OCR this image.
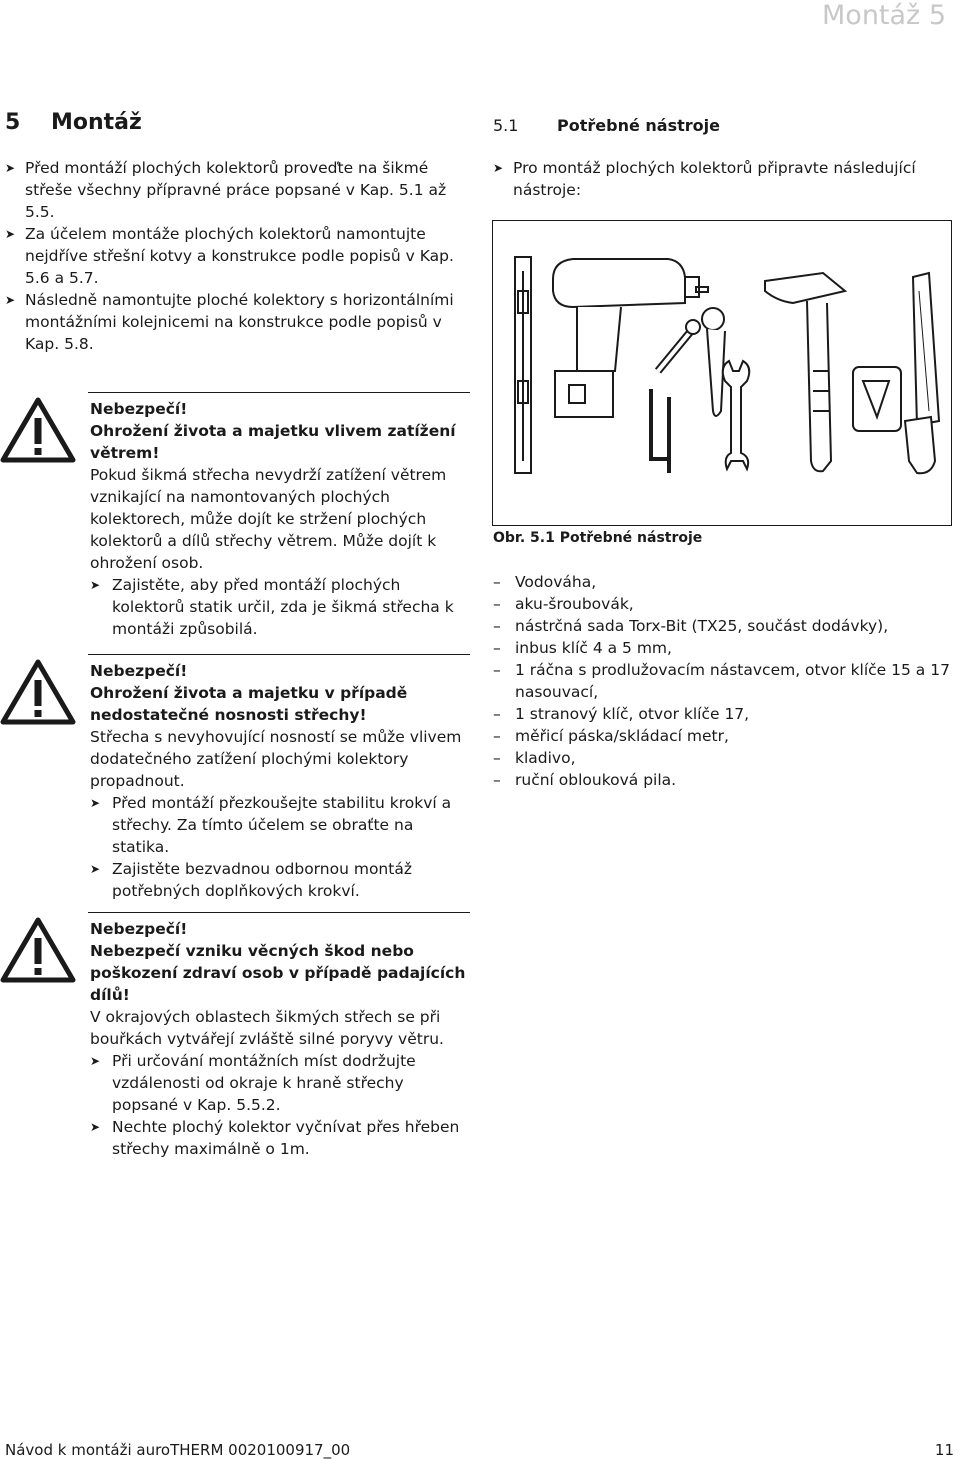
Montáž 5
5 Montáž
➤ Před montáží plochých kolektorů proveďte na šikmé střeše všechny přípravné práce popsané v Kap. 5.1 až 5.5.
➤ Za účelem montáže plochých kolektorů namontujte nejdříve střešní kotvy a konstrukce podle popisů v Kap. 5.6 a 5.7.
➤ Následně namontujte ploché kolektory s horizontálními montážními kolejnicemi na konstrukce podle popisů v Kap. 5.8.
Nebezpečí!
Ohrožení života a majetku vlivem zatížení větrem!
Pokud šikmá střecha nevydrží zatížení větrem vznikající na namontovaných plochých kolektorech, může dojít ke stržení plochých kolektorů a dílů střechy větrem. Může dojít k ohrožení osob.
➤ Zajistěte, aby před montáží plochých kolektorů statik určil, zda je šikmá střecha k montáži způsobilá.
Nebezpečí!
Ohrožení života a majetku v případě nedostatečné nosnosti střechy!
Střecha s nevyhovující nosností se může vlivem dodatečného zatížení plochými kolektory propadnout.
➤ Před montáží přezkoušejte stabilitu krokví a střechy. Za tímto účelem se obraťte na statika.
➤ Zajistěte bezvadnou odbornou montáž potřebných doplňkových krokví.
Nebezpečí!
Nebezpečí vzniku věcných škod nebo poškození zdraví osob v případě padajících dílů!
V okrajových oblastech šikmých střech se při bouřkách vytvářejí zvláště silné poryvy větru.
➤ Při určování montážních míst dodržujte vzdálenosti od okraje k hraně střechy popsané v Kap. 5.5.2.
➤ Nechte plochý kolektor vyčnívat přes hřeben střechy maximálně o 1m.
5.1 Potřebné nástroje
➤ Pro montáž plochých kolektorů připravte následující nástroje:
Obr. 5.1 Potřebné nástroje
– Vodováha,
– aku-šroubovák,
– nástrčná sada Torx-Bit (TX25, součást dodávky),
– inbus klíč 4 a 5 mm,
– 1 ráčna s prodlužovacím nástavcem, otvor klíče 15 a 17 nasouvací,
– 1 stranový klíč, otvor klíče 17,
– měřicí páska/skládací metr,
– kladivo,
– ruční oblouková pila.
Návod k montáži auroTHERM 0020100917_00	11
